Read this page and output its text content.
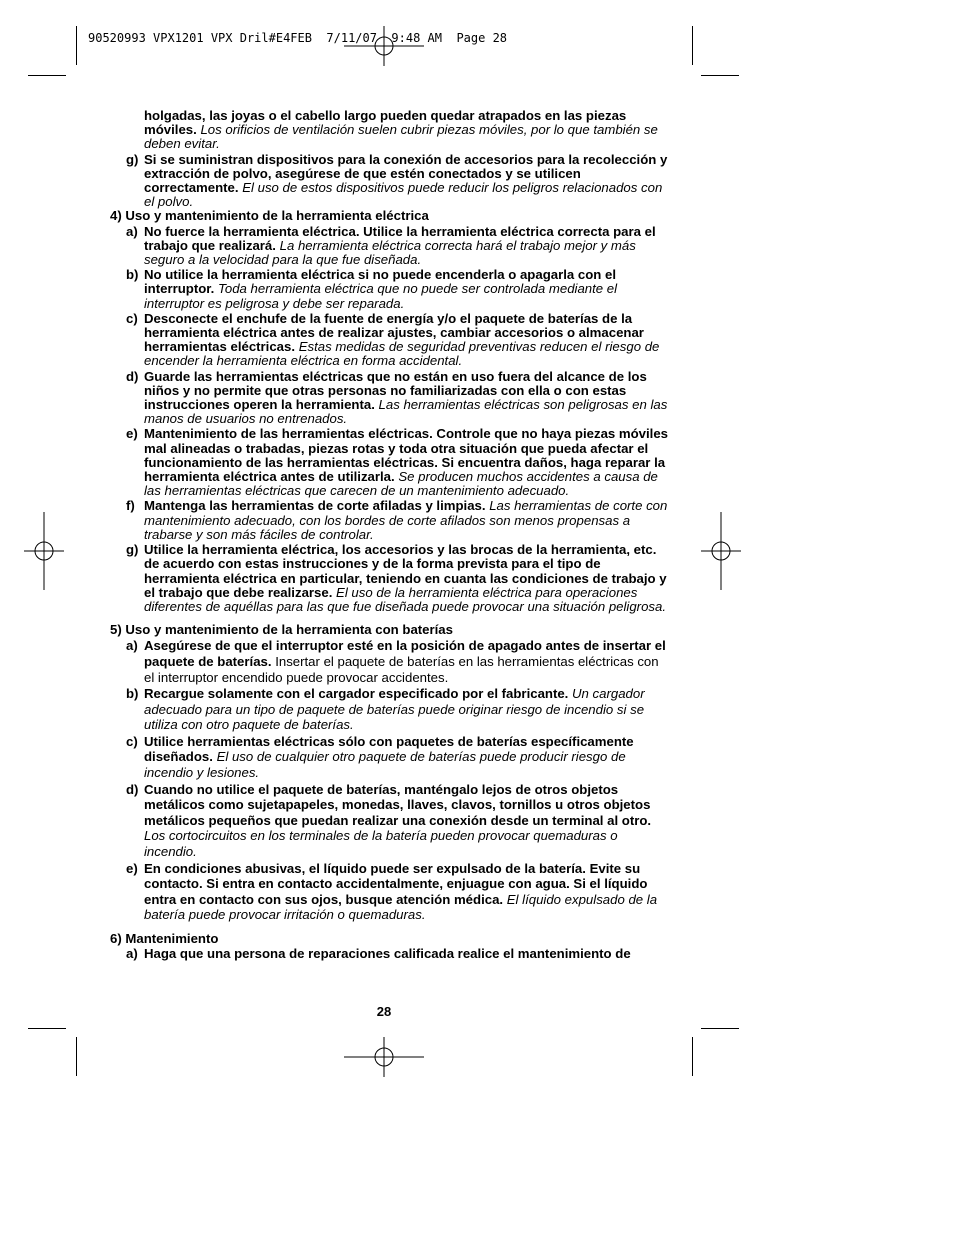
90520993 VPX1201 VPX Dril#E4FEB  7/11/07  9:48 AM  Page 28

holgadas, las joyas o el cabello largo pueden quedar atrapados en las piezas móviles. Los orificios de ventilación suelen cubrir piezas móviles, por lo que también se deben evitar.

g) Si se suministran dispositivos para la conexión de accesorios para la recolección y extracción de polvo, asegúrese de que estén conectados y se utilicen correctamente. El uso de estos dispositivos puede reducir los peligros relacionados con el polvo.

4) Uso y mantenimiento de la herramienta eléctrica

a) No fuerce la herramienta eléctrica. Utilice la herramienta eléctrica correcta para el trabajo que realizará. La herramienta eléctrica correcta hará el trabajo mejor y más seguro a la velocidad para la que fue diseñada.
b) No utilice la herramienta eléctrica si no puede encenderla o apagarla con el interruptor. Toda herramienta eléctrica que no puede ser controlada mediante el interruptor es peligrosa y debe ser reparada.
c) Desconecte el enchufe de la fuente de energía y/o el paquete de baterías de la herramienta eléctrica antes de realizar ajustes, cambiar accesorios o almacenar herramientas eléctricas. Estas medidas de seguridad preventivas reducen el riesgo de encender la herramienta eléctrica en forma accidental.
d) Guarde las herramientas eléctricas que no están en uso fuera del alcance de los niños y no permite que otras personas no familiarizadas con ella o con estas instrucciones operen la herramienta. Las herramientas eléctricas son peligrosas en las manos de usuarios no entrenados.
e) Mantenimiento de las herramientas eléctricas. Controle que no haya piezas móviles mal alineadas o trabadas, piezas rotas y toda otra situación que pueda afectar el funcionamiento de las herramientas eléctricas. Si encuentra daños, haga reparar la herramienta eléctrica antes de utilizarla. Se producen muchos accidentes a causa de las herramientas eléctricas que carecen de un mantenimiento adecuado.
f) Mantenga las herramientas de corte afiladas y limpias. Las herramientas de corte con mantenimiento adecuado, con los bordes de corte afilados son menos propensas a trabarse y son más fáciles de controlar.
g) Utilice la herramienta eléctrica, los accesorios y las brocas de la herramienta, etc. de acuerdo con estas instrucciones y de la forma prevista para el tipo de herramienta eléctrica en particular, teniendo en cuanta las condiciones de trabajo y el trabajo que debe realizarse. El uso de la herramienta eléctrica para operaciones diferentes de aquéllas para las que fue diseñada puede provocar una situación peligrosa.

5) Uso y mantenimiento de la herramienta con baterías

a) Asegúrese de que el interruptor esté en la posición de apagado antes de insertar el paquete de baterías. Insertar el paquete de baterías en las herramientas eléctricas con el interruptor encendido puede provocar accidentes.
b) Recargue solamente con el cargador especificado por el fabricante. Un cargador adecuado para un tipo de paquete de baterías puede originar riesgo de incendio si se utiliza con otro paquete de baterías.
c) Utilice herramientas eléctricas sólo con paquetes de baterías específicamente diseñados. El uso de cualquier otro paquete de baterías puede producir riesgo de incendio y lesiones.
d) Cuando no utilice el paquete de baterías, manténgalo lejos de otros objetos metálicos como sujetapapeles, monedas, llaves, clavos, tornillos u otros objetos metálicos pequeños que puedan realizar una conexión desde un terminal al otro. Los cortocircuitos en los terminales de la batería pueden provocar quemaduras o incendio.
e) En condiciones abusivas, el líquido puede ser expulsado de la batería. Evite su contacto. Si entra en contacto accidentalmente, enjuague con agua. Si el líquido entra en contacto con sus ojos, busque atención médica. El líquido expulsado de la batería puede provocar irritación o quemaduras.

6) Mantenimiento

a) Haga que una persona de reparaciones calificada realice el mantenimiento de
28
